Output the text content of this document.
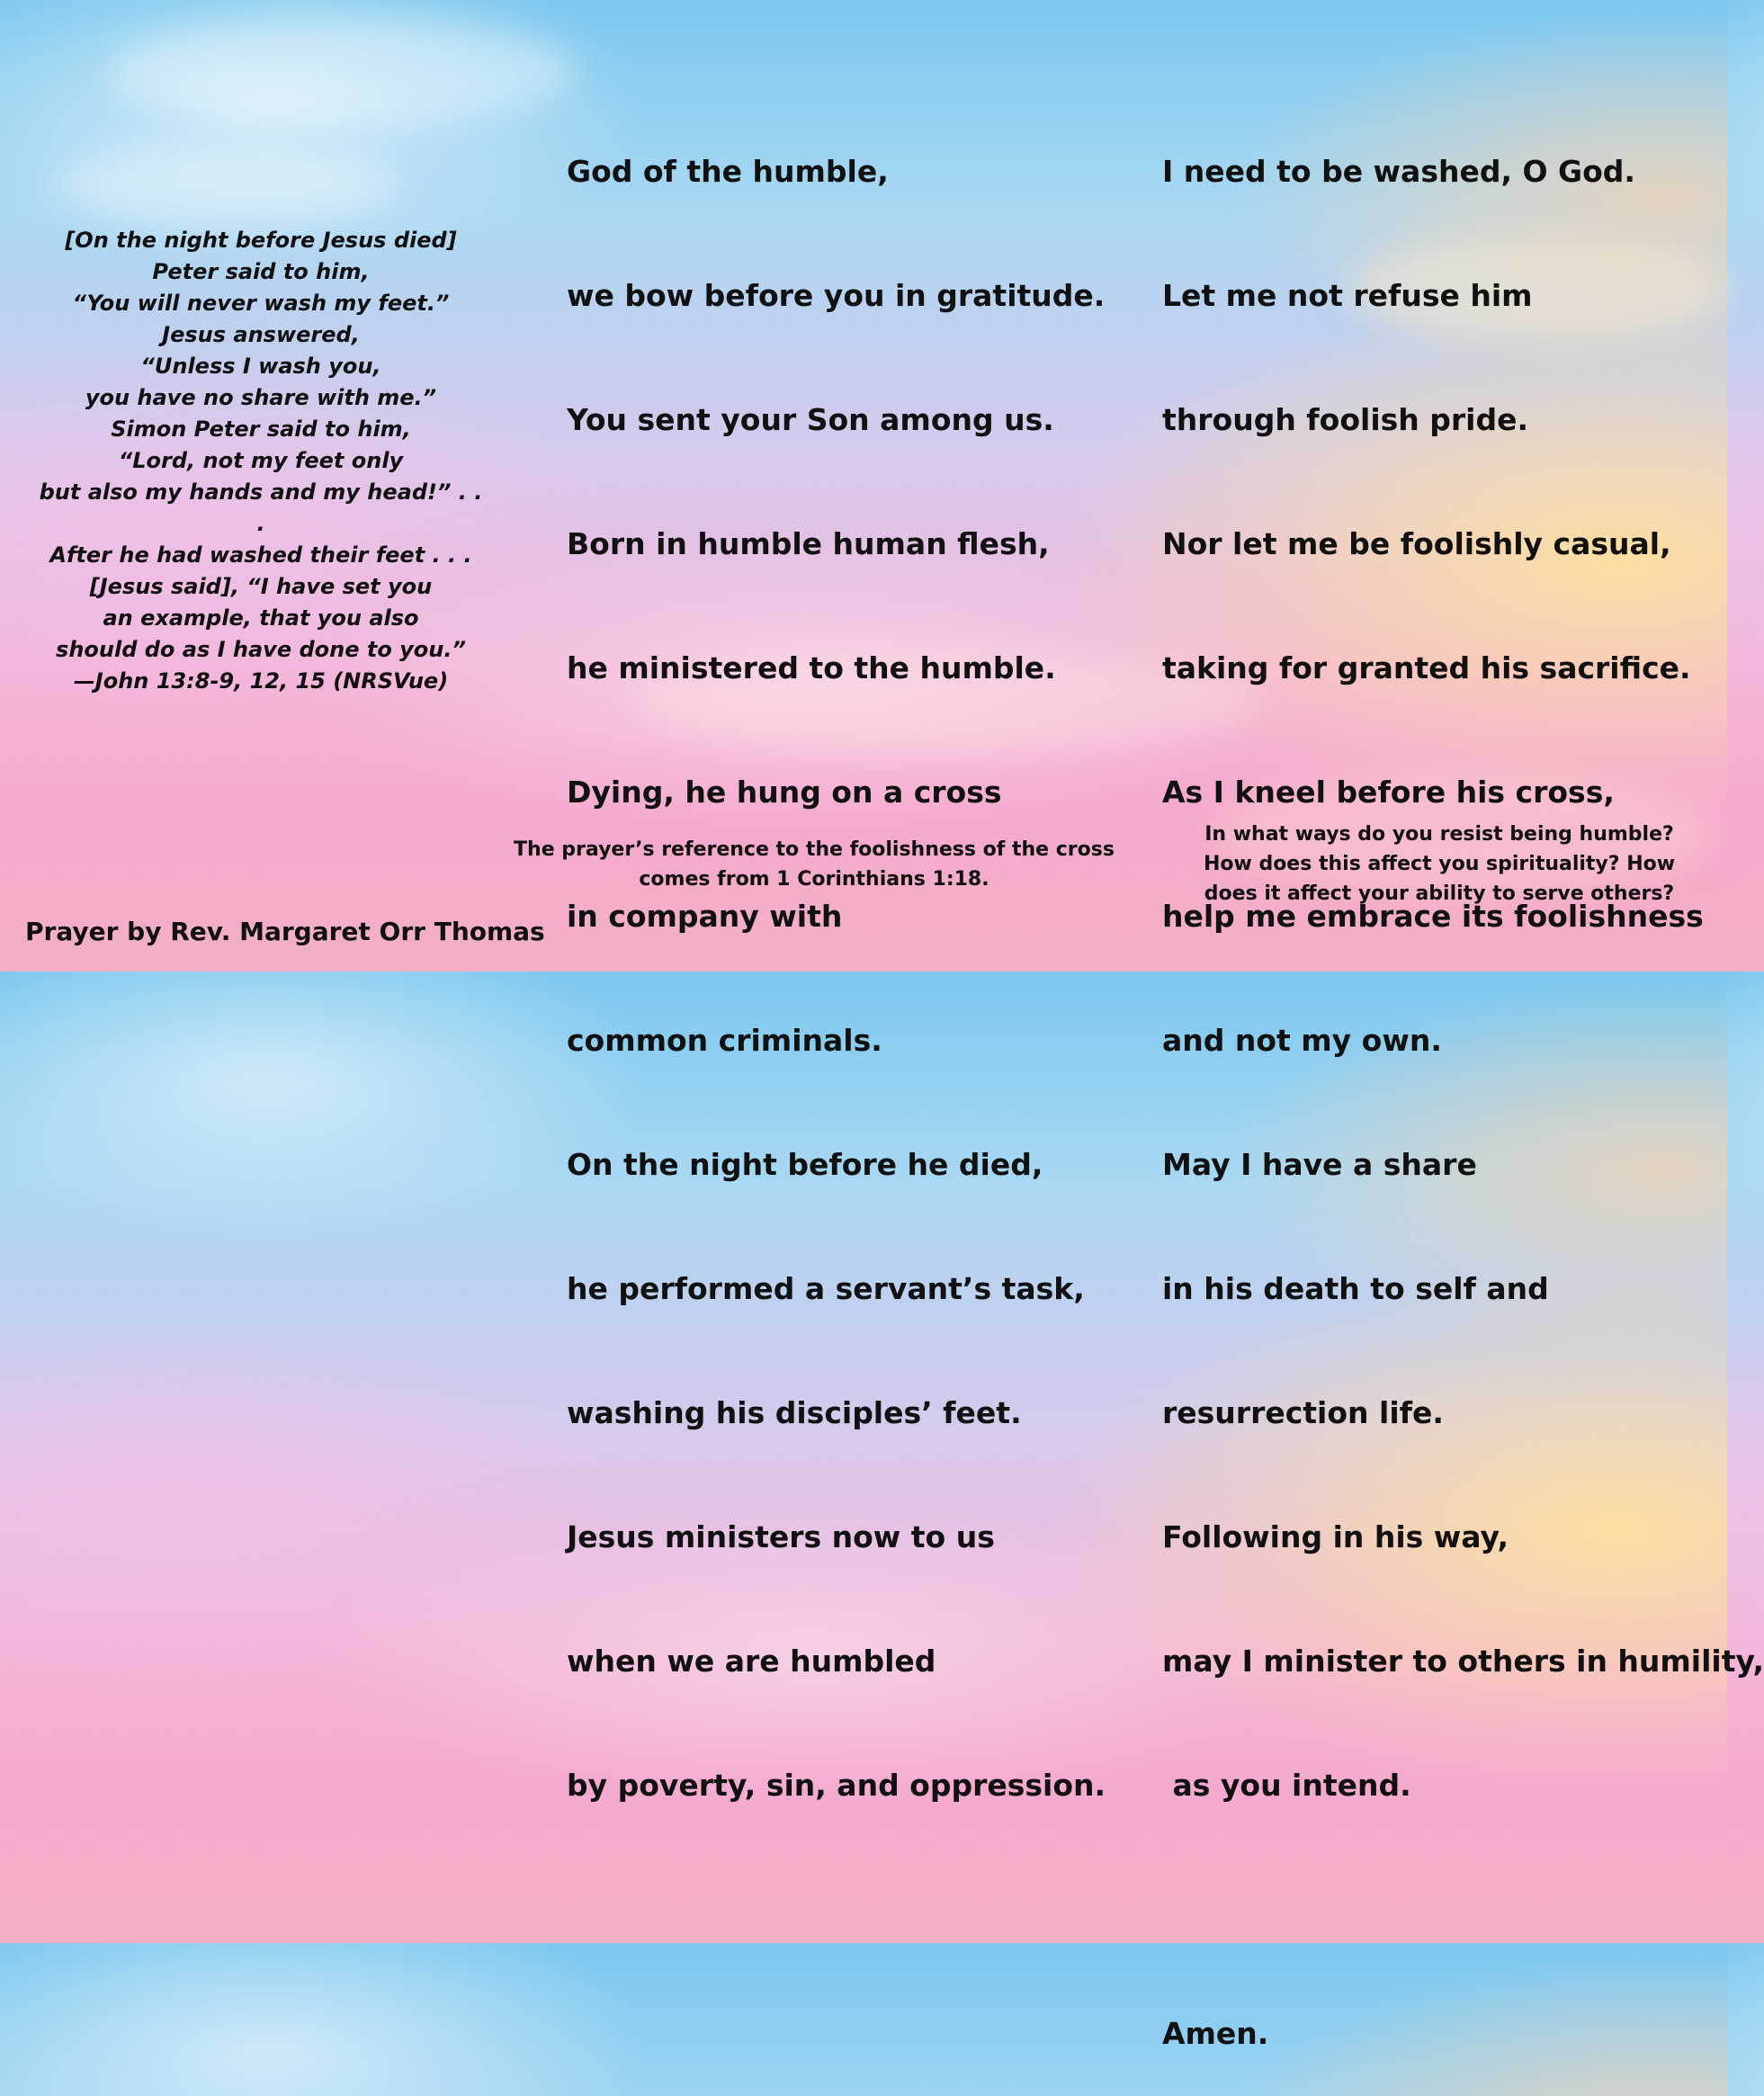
[On the night before Jesus died]
Peter said to him,
“You will never wash my feet.”
Jesus answered,
“Unless I wash you,
you have no share with me.”
Simon Peter said to him,
“Lord, not my feet only
but also my hands and my head!” . . .
After he had washed their feet . . .
[Jesus said], “I have set you
an example, that you also
should do as I have done to you.”
—John 13:8-9, 12, 15 (NRSVue)

God of the humble,

we bow before you in gratitude.

You sent your Son among us.

Born in humble human flesh,

he ministered to the humble.

Dying, he hung on a cross

in company with

common criminals.

On the night before he died,

he performed a servant’s task,

washing his disciples’ feet.

Jesus ministers now to us

when we are humbled

by poverty, sin, and oppression.

I need to be washed, O God.

Let me not refuse him

through foolish pride.

Nor let me be foolishly casual,

taking for granted his sacrifice.

As I kneel before his cross,

help me embrace its foolishness

and not my own.

May I have a share

in his death to self and

resurrection life.

Following in his way,

may I minister to others in humility,

as you intend.

Amen.

The prayer’s reference to the foolishness of the cross
comes from 1 Corinthians 1:18.
In what ways do you resist being humble?
How does this affect you spirituality? How
does it affect your ability to serve others?
Prayer by Rev. Margaret Orr Thomas
